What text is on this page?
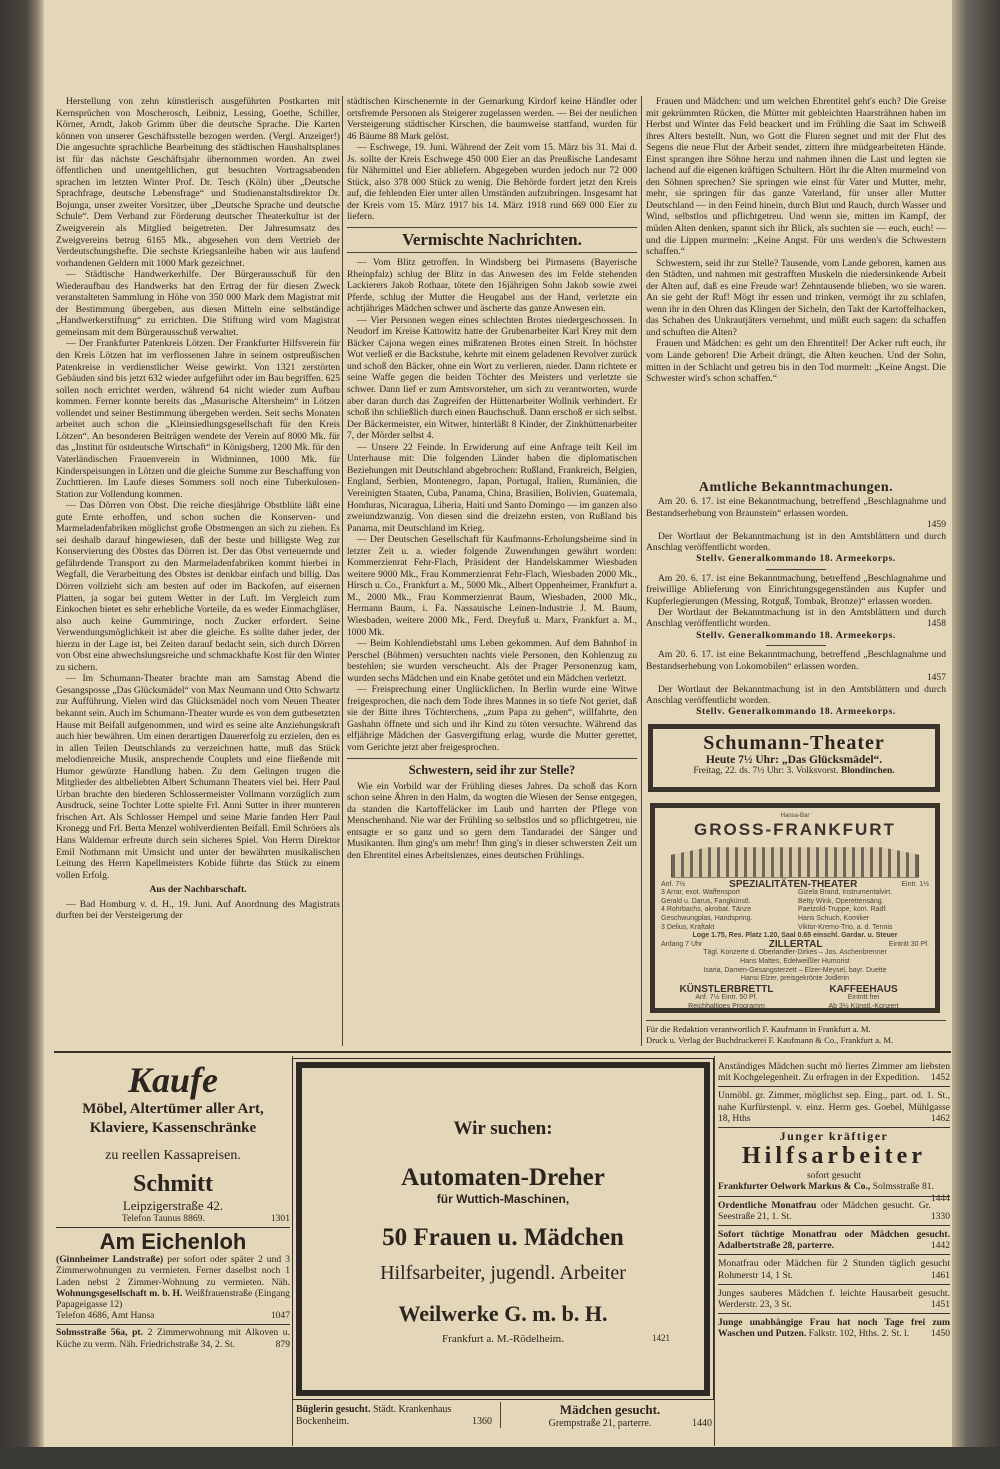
Herstellung von zehn künstlerisch ausgeführten Postkarten mit Kernsprüchen von Moscherosch, Leibniz, Lessing, Goethe, Schiller, Körner, Arndt, Jakob Grimm über die deutsche Sprache. Die Karten können von unserer Geschäftsstelle bezogen werden. (Vergl. Anzeiger!) Die angesuchte sprachliche Bearbeitung des städtischen Haushaltsplanes ist für das nächste Geschäftsjahr übernommen worden. An zwei öffentlichen und unentgeltlichen, gut besuchten Vortragsabenden sprachen im letzten Winter Prof. Dr. Tesch (Köln) über „Deutsche Sprachfrage, deutsche Lebensfrage“ und Studienanstaltsdirektor Dr. Bojunga, unser zweiter Vorsitzer, über „Deutsche Sprache und deutsche Schule“. Dem Verband zur Förderung deutscher Theaterkultur ist der Zweigverein als Mitglied beigetreten. Der Jahresumsatz des Zweigvereins betrug 6165 Mk., abgesehen von dem Vertrieb der Verdeutschungshefte. Die sechste Kriegsanleihe haben wir aus laufend vorhandenen Geldern mit 1000 Mark gezeichnet.

— Städtische Handwerkerhilfe. Der Bürgerausschuß für den Wiederaufbau des Handwerks hat den Ertrag der für diesen Zweck veranstalteten Sammlung in Höhe von 350 000 Mark dem Magistrat mit der Bestimmung übergeben, aus diesen Mitteln eine selbständige „Handwerkerstiftung“ zu errichten. Die Stiftung wird vom Magistrat gemeinsam mit dem Bürgerausschuß verwaltet.

— Der Frankfurter Patenkreis Lötzen. Der Frankfurter Hilfsverein für den Kreis Lötzen hat im verflossenen Jahre in seinem ostpreußischen Patenkreise in verdienstlicher Weise gewirkt. Von 1321 zerstörten Gebäuden sind bis jetzt 632 wieder aufgeführt oder im Bau begriffen. 625 sollen noch errichtet werden, während 64 nicht wieder zum Aufbau kommen. Ferner konnte bereits das „Masurische Altersheim“ in Lötzen vollendet und seiner Bestimmung übergeben werden. Seit sechs Monaten arbeitet auch schon die „Kleinsiedlungsgesellschaft für den Kreis Lötzen“. An besonderen Beiträgen wendete der Verein auf 8000 Mk. für das „Institut für ostdeutsche Wirtschaft“ in Königsberg, 1200 Mk. für den Vaterländischen Frauenverein in Widminnen, 1000 Mk. für Kinderspeisungen in Lötzen und die gleiche Summe zur Beschaffung von Zuchttieren. Im Laufe dieses Sommers soll noch eine Tuberkulosen-Station zur Vollendung kommen.

— Das Dörren von Obst. Die reiche diesjährige Obstblüte läßt eine gute Ernte erhoffen, und schon suchen die Konserven- und Marmeladenfabriken möglichst große Obstmengen an sich zu ziehen. Es sei deshalb darauf hingewiesen, daß der beste und billigste Weg zur Konservierung des Obstes das Dörren ist. Der das Obst verteuernde und gefährdende Transport zu den Marmeladenfabriken kommt hierbei in Wegfall, die Verarbeitung des Obstes ist denkbar einfach und billig. Das Dörren vollzieht sich am besten auf oder im Backofen, auf eisernen Platten, ja sogar bei gutem Wetter in der Luft. Im Vergleich zum Einkochen bietet es sehr erhebliche Vorteile, da es weder Einmachgläser, also auch keine Gummiringe, noch Zucker erfordert. Seine Verwendungsmöglichkeit ist aber die gleiche. Es sollte daher jeder, der hierzu in der Lage ist, bei Zeiten darauf bedacht sein, sich durch Dörren von Obst eine abwechslungsreiche und schmackhafte Kost für den Winter zu sichern.

— Im Schumann-Theater brachte man am Samstag Abend die Gesangsposse „Das Glücksmädel“ von Max Neumann und Otto Schwartz zur Aufführung. Vielen wird das Glücksmädel noch vom Neuen Theater bekannt sein. Auch im Schumann-Theater wurde es von dem gutbesetzten Hause mit Beifall aufgenommen, und wird es seine alte Anziehungskraft auch hier bewähren. Um einen derartigen Dauererfolg zu erzielen, den es in allen Teilen Deutschlands zu verzeichnen hatte, muß das Stück melodienreiche Musik, ansprechende Couplets und eine fließende mit Humor gewürzte Handlung haben. Zu dem Gelingen trugen die Mitglieder des altbeliebten Albert Schumann Theaters viel bei. Herr Paul Urban brachte den biederen Schlossermeister Vollmann vorzüglich zum Ausdruck, seine Tochter Lotte spielte Frl. Anni Sutter in ihrer munteren frischen Art. Als Schlosser Hempel und seine Marie fanden Herr Paul Kronegg und Frl. Berta Menzel wohlverdienten Beifall. Emil Schröers als Hans Waldemar erfreute durch sein sicheres Spiel. Von Herrn Direktor Emil Nothmann mit Umsicht und unter der bewährten musikalischen Leitung des Herrn Kapellmeisters Kobide führte das Stück zu einem vollen Erfolg.

Aus der Nachbarschaft.

— Bad Homburg v. d. H., 19. Juni. Auf Anordnung des Magistrats durften bei der Versteigerung der

städtischen Kirschenernte in der Gemarkung Kirdorf keine Händler oder ortsfremde Personen als Steigerer zugelassen werden. — Bei der neulichen Versteigerung städtischer Kirschen, die baumweise stattfand, wurden für 46 Bäume 88 Mark gelöst.

— Eschwege, 19. Juni. Während der Zeit vom 15. März bis 31. Mai d. Js. sollte der Kreis Eschwege 450 000 Eier an das Preußische Landesamt für Nährmittel und Eier abliefern. Abgegeben wurden jedoch nur 72 000 Stück, also 378 000 Stück zu wenig. Die Behörde fordert jetzt den Kreis auf, die fehlenden Eier unter allen Umständen aufzubringen. Insgesamt hat der Kreis vom 15. März 1917 bis 14. März 1918 rund 669 000 Eier zu liefern.

Vermischte Nachrichten.

— Vom Blitz getroffen. In Windsberg bei Pirmasens (Bayerische Rheinpfalz) schlug der Blitz in das Anwesen des im Felde stehenden Lackierers Jakob Rothaar, tötete den 16jährigen Sohn Jakob sowie zwei Pferde, schlug der Mutter die Heugabel aus der Hand, verletzte ein achtjähriges Mädchen schwer und äscherte das ganze Anwesen ein.

— Vier Personen wegen eines schlechten Brotes niedergeschossen. In Neudorf im Kreise Kattowitz hatte der Grubenarbeiter Karl Krey mit dem Bäcker Cajona wegen eines mißratenen Brotes einen Streit. In höchster Wut verließ er die Backstube, kehrte mit einem geladenen Revolver zurück und schoß den Bäcker, ohne ein Wort zu verlieren, nieder. Dann richtete er seine Waffe gegen die beiden Töchter des Meisters und verletzte sie schwer. Dann lief er zum Amtsvorsteher, um sich zu verantworten, wurde aber daran durch das Zugreifen der Hüttenarbeiter Wollnik verhindert. Er schoß ihn schließlich durch einen Bauchschuß. Dann erschoß er sich selbst. Der Bäckermeister, ein Witwer, hinterläßt 8 Kinder, der Zinkhüttenarbeiter 7, der Mörder selbst 4.

— Unsere 22 Feinde. In Erwiderung auf eine Anfrage teilt Keil im Unterhause mit: Die folgenden Länder haben die diplomatischen Beziehungen mit Deutschland abgebrochen: Rußland, Frankreich, Belgien, England, Serbien, Montenegro, Japan, Portugal, Italien, Rumänien, die Vereinigten Staaten, Cuba, Panama, China, Brasilien, Bolivien, Guatemala, Honduras, Nicaragua, Liberia, Haiti und Santo Domingo — im ganzen also zweiundzwanzig. Von diesen sind die dreizehn ersten, von Rußland bis Panama, mit Deutschland im Krieg.

— Der Deutschen Gesellschaft für Kaufmanns-Erholungsheime sind in letzter Zeit u. a. wieder folgende Zuwendungen gewährt worden: Kommerzienrat Fehr-Flach, Präsident der Handelskammer Wiesbaden weitere 9000 Mk., Frau Kommerzienrat Fehr-Flach, Wiesbaden 2000 Mk., Hirsch u. Co., Frankfurt a. M., 5000 Mk., Albert Oppenheimer, Frankfurt a. M., 2000 Mk., Frau Kommerzienrat Baum, Wiesbaden, 2000 Mk., Hermann Baum, i. Fa. Nassauische Leinen-Industrie J. M. Baum, Wiesbaden, weitere 2000 Mk., Ferd. Dreyfuß u. Marx, Frankfurt a. M., 1000 Mk.

— Beim Kohlendiebstahl ums Leben gekommen. Auf dem Bahnhof in Perschel (Böhmen) versuchten nachts viele Personen, den Kohlenzug zu bestehlen; sie wurden verscheucht. Als der Prager Personenzug kam, wurden sechs Mädchen und ein Knabe getötet und ein Mädchen verletzt.

— Freisprechung einer Unglücklichen. In Berlin wurde eine Witwe freigesprochen, die nach dem Tode ihres Mannes in so tiefe Not geriet, daß sie der Bitte ihres Töchterchens, „zum Papa zu gehen“, willfahrte, den Gashahn öffnete und sich und ihr Kind zu töten versuchte. Während das elfjährige Mädchen der Gasvergiftung erlag, wurde die Mutter gerettet, vom Gerichte jetzt aber freigesprochen.

Schwestern, seid ihr zur Stelle?

Wie ein Vorbild war der Frühling dieses Jahres. Da schoß das Korn schon seine Ähren in den Halm, da wogten die Wiesen der Sense entgegen, da standen die Kartoffeläcker im Laub und harrten der Pflege von Menschenhand. Nie war der Frühling so selbstlos und so pflichtgetreu, nie entsagte er so ganz und so gern dem Tandaradei der Sänger und Musikanten. Ihm ging's um mehr! Ihm ging's in dieser schwersten Zeit um den Ehrentitel eines Arbeitslenzes, eines deutschen Frühlings.

Frauen und Mädchen: und um welchen Ehrentitel geht's euch? Die Greise mit gekrümmten Rücken, die Mütter mit gebleichten Haarsträhnen haben im Herbst und Winter das Feld beackert und im Frühling die Saat im Schweiß ihres Alters bestellt. Nun, wo Gott die Fluren segnet und mit der Flut des Segens die neue Flut der Arbeit sendet, zittern ihre müdgearbeiteten Hände. Einst sprangen ihre Söhne herzu und nahmen ihnen die Last und legten sie lachend auf die eigenen kräftigen Schultern. Hört ihr die Alten murmelnd von den Söhnen sprechen? Sie springen wie einst für Vater und Mutter, mehr, mehr, sie springen für das ganze Vaterland, für unser aller Mutter Deutschland — in den Feind hinein, durch Blut und Rauch, durch Wasser und Wind, selbstlos und pflichtgetreu. Und wenn sie, mitten im Kampf, der müden Alten denken, spannt sich ihr Blick, als suchten sie — euch, euch! — und die Lippen murmeln: „Keine Angst. Für uns werden's die Schwestern schaffen.“

Schwestern, seid ihr zur Stelle? Tausende, vom Lande geboren, kamen aus den Städten, und nahmen mit gestrafften Muskeln die niedersinkende Arbeit der Alten auf, daß es eine Freude war! Zehntausende blieben, wo sie waren. An sie geht der Ruf! Mögt ihr essen und trinken, vermögt ihr zu schlafen, wenn ihr in den Ohren das Klingen der Sicheln, den Takt der Kartoffelhacken, das Schaben des Unkrautjäters vernehmt, und müßt euch sagen: da schaffen und schuften die Alten?

Frauen und Mädchen: es geht um den Ehrentitel! Der Acker ruft euch, ihr vom Lande geboren! Die Arbeit drängt, die Alten keuchen. Und der Sohn, mitten in der Schlacht und getreu bis in den Tod murmelt: „Keine Angst. Die Schwester wird's schon schaffen.“

Amtliche Bekanntmachungen.

Am 20. 6. 17. ist eine Bekanntmachung, betreffend „Beschlagnahme und Bestandserhebung von Braunstein“ erlassen worden.

1459

Der Wortlaut der Bekanntmachung ist in den Amtsblättern und durch Anschlag veröffentlicht worden.

Stellv. Generalkommando 18. Armeekorps.

Am 20. 6. 17. ist eine Bekanntmachung, betreffend „Beschlagnahme und freiwillige Ablieferung von Einrichtungsgegenständen aus Kupfer und Kupferlegierungen (Messing, Rotguß, Tombak, Bronze)“ erlassen worden.

Der Wortlaut der Bekanntmachung ist in den Amtsblättern und durch Anschlag veröffentlicht worden.	1458

Stellv. Generalkommando 18. Armeekorps.

Am 20. 6. 17. ist eine Bekanntmachung, betreffend „Beschlagnahme und Bestandserhebung von Lokomobilen“ erlassen worden.

1457

Der Wortlaut der Bekanntmachung ist in den Amtsblättern und durch Anschlag veröffentlicht worden.

Stellv. Generalkommando 18. Armeekorps.

Schumann-Theater
Heute 7½ Uhr: „Das Glücksmädel“.
Freitag, 22. ds. 7½ Uhr: 3. Volksvorst. Blondinchen.
Hansa-Bar
GROSS-FRANKFURT
Anf. 7½	SPEZIALITÄTEN-THEATER	Eintr. 1½
3 Arrar, exot. Waffensport
Gerald u. Darus, Fangkünstl.
4 Rohrbachs, akrobat. Tänze
Geschwungplas, Handspring.
3 Delius, Kraftakt
Gizela Brand, Instrumentalvirt.
Betty Wink, Operettensäng.
Paetzold-Truppe, kom. Radf.
Hans Schuch, Komiker
Viktor-Kremo-Trio, a. d. Tennis
Loge 1.75, Res. Platz 1.20, Saal 0.65 einschl. Gardar. u. Steuer
Anfang 7 Uhr	ZILLERTAL	Eintritt 30 Pf.
Tägl. Konzerte d. Oberlandler-Dirkes – Jos. Aschenbrenner
Hans Mattes, Edelweißler Humorist
Isaria, Damen-Gesangsterzett – Elzer-Meysel, bayr. Duette
Hansi Elzer, preisgekrönte Jodlerin
KÜNSTLERBRETTL
Anf. 7½ Eintr. 50 Pf.
Reichhaltiges Programm
KAFFEEHAUS
Eintritt frei
Ab 3½ Künstl.-Konzert
Für die Redaktion verantwortlich F. Kaufmann in Frankfurt a. M.
Druck u. Verlag der Buchdruckerei F. Kaufmann & Co., Frankfurt a. M.
Kaufe
Möbel, Altertümer aller Art, Klaviere, Kassenschränke
zu reellen Kassapreisen.
Schmitt
Leipzigerstraße 42.
Telefon Taunus 8869.	1301
Am Eichenloh
(Ginnheimer Landstraße) per sofort oder später 2 und 3 Zimmerwohnungen zu vermieten. Ferner daselbst noch 1 Laden nebst 2 Zimmer-Wohnung zu vermieten. Näh. Wohnungsgesellschaft m. b. H. Weißfrauenstraße (Eingang Papageigasse 12)
Telefon 4686, Amt Hansa	1047
Solmsstraße 56a, pt. 2 Zimmerwohnung mit Alkoven u. Küche zu verm. Näh. Friedrichstraße 34, 2. St.	879
Wir suchen:
Automaten-Dreher
für Wuttich-Maschinen,
50 Frauen u. Mädchen
Hilfsarbeiter, jugendl. Arbeiter
Weilwerke G. m. b. H.
Frankfurt a. M.-Rödelheim.	1421
Büglerin gesucht. Städt. Krankenhaus Bockenheim.	1360
Mädchen gesucht.
Grempstraße 21, parterre.	1440
Anständiges Mädchen sucht mö liertes Zimmer am liebsten mit Kochgelegenheit. Zu erfragen in der Expedition. 1452
Unmöbl. gr. Zimmer, möglichst sep. Eing., part. od. 1. St., nahe Kurfürstenpl. v. einz. Herrn ges. Goebel, Mühlgasse 18, Hths	1462
Junger kräftiger
Hilfsarbeiter
sofort gesucht
Frankfurter Oelwork Markus & Co., Solmsstraße 81.
1444
Ordentliche Monatfrau oder Mädchen gesucht. Gr. Seestraße 21, 1. St.	1330
Sofort tüchtige Monatfrau oder Mädchen gesucht. Adalbertstraße 28, parterre.	1442
Monatfrau oder Mädchen für 2 Stunden täglich gesucht Rohmerstr 14, 1 St.	1461
Junges sauberes Mädchen f. leichte Hausarbeit gesucht. Werderstr. 23, 3 St.	1451
Junge unabhängige Frau hat noch Tage frei zum Waschen und Putzen. Falkstr. 102, Hths. 2. St. l. 1450
